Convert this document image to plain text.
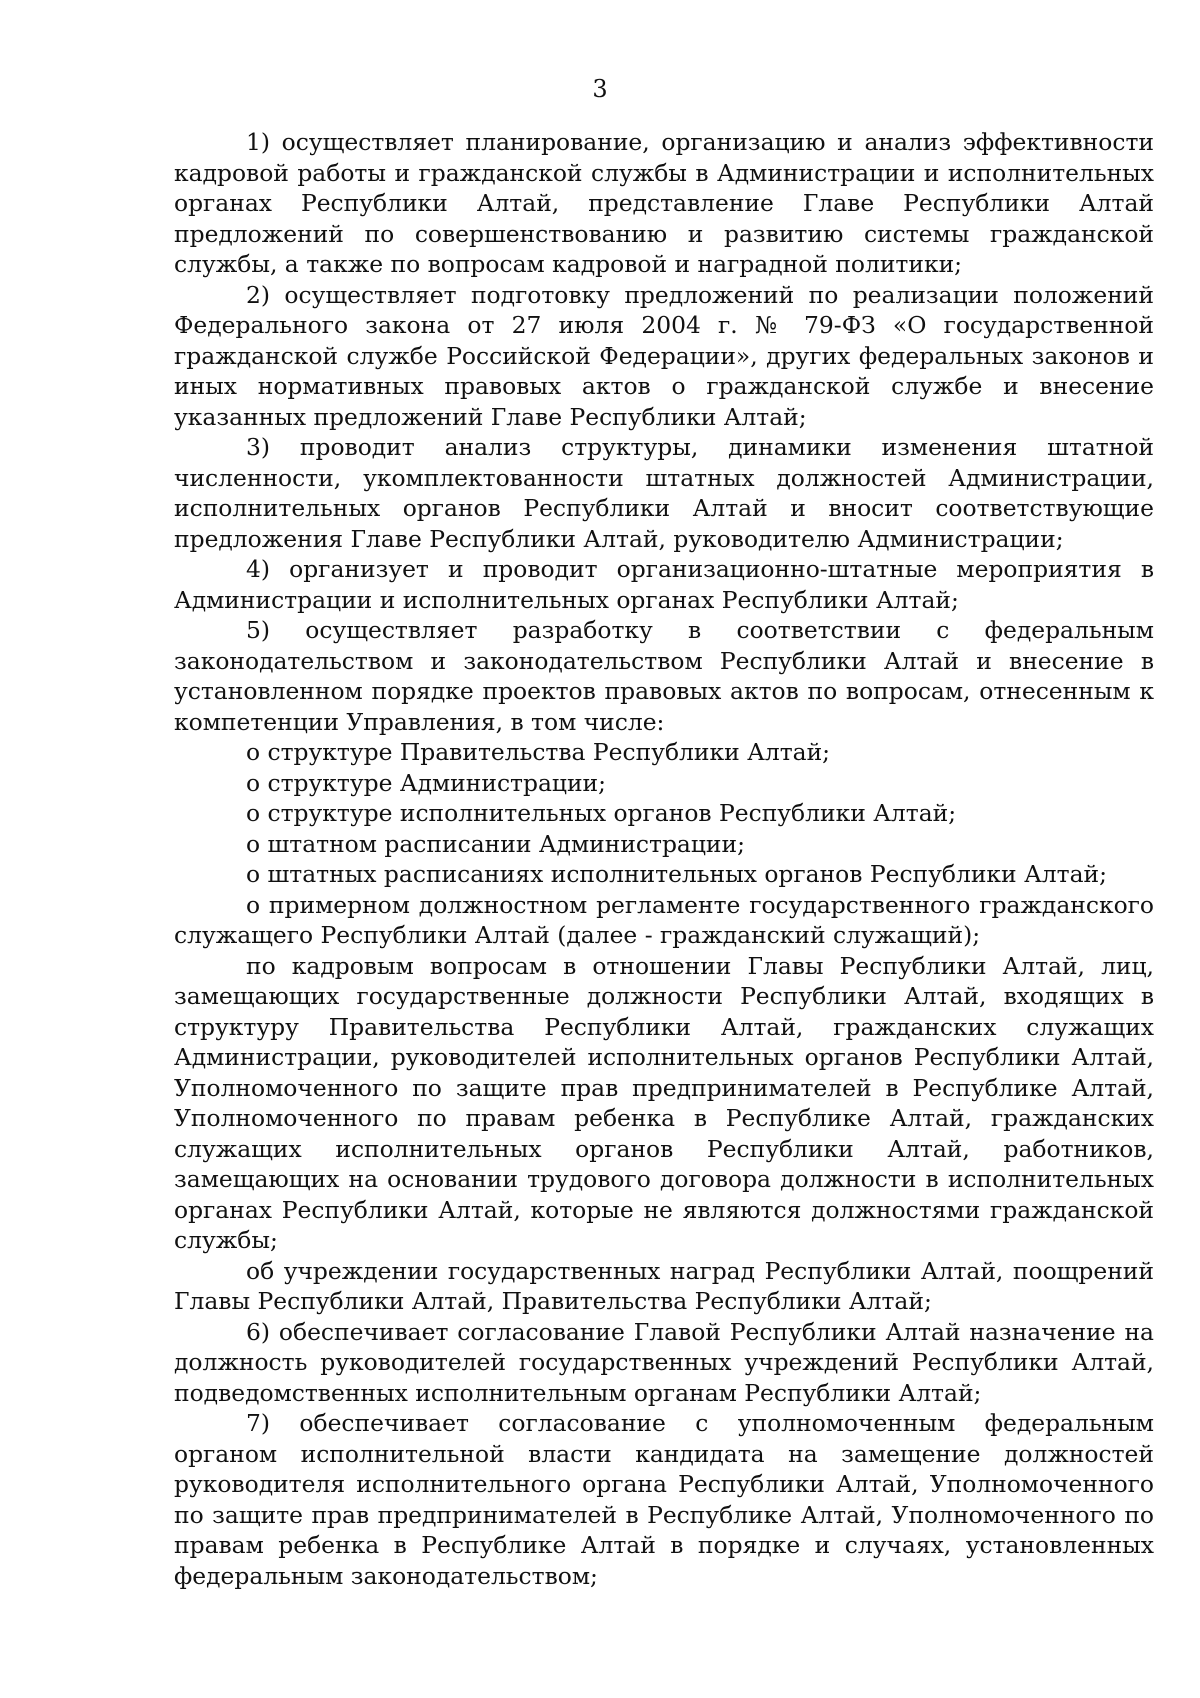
3

1) осуществляет планирование, организацию и анализ эффективности кадровой работы и гражданской службы в Администрации и исполнительных органах Республики Алтай, представление Главе Республики Алтай предложений по совершенствованию и развитию системы гражданской службы, а также по вопросам кадровой и наградной политики;

2) осуществляет подготовку предложений по реализации положений Федерального закона от 27 июля 2004 г. № 79-ФЗ «О государственной гражданской службе Российской Федерации», других федеральных законов и иных нормативных правовых актов о гражданской службе и внесение указанных предложений Главе Республики Алтай;

3) проводит анализ структуры, динамики изменения штатной численности, укомплектованности штатных должностей Администрации, исполнительных органов Республики Алтай и вносит соответствующие предложения Главе Республики Алтай, руководителю Администрации;

4) организует и проводит организационно-штатные мероприятия в Администрации и исполнительных органах Республики Алтай;

5) осуществляет разработку в соответствии с федеральным законодательством и законодательством Республики Алтай и внесение в установленном порядке проектов правовых актов по вопросам, отнесенным к компетенции Управления, в том числе:

о структуре Правительства Республики Алтай;

о структуре Администрации;

о структуре исполнительных органов Республики Алтай;

о штатном расписании Администрации;

о штатных расписаниях исполнительных органов Республики Алтай;

о примерном должностном регламенте государственного гражданского служащего Республики Алтай (далее - гражданский служащий);

по кадровым вопросам в отношении Главы Республики Алтай, лиц, замещающих государственные должности Республики Алтай, входящих в структуру Правительства Республики Алтай, гражданских служащих Администрации, руководителей исполнительных органов Республики Алтай, Уполномоченного по защите прав предпринимателей в Республике Алтай, Уполномоченного по правам ребенка в Республике Алтай, гражданских служащих исполнительных органов Республики Алтай, работников, замещающих на основании трудового договора должности в исполнительных органах Республики Алтай, которые не являются должностями гражданской службы;

об учреждении государственных наград Республики Алтай, поощрений Главы Республики Алтай, Правительства Республики Алтай;

6) обеспечивает согласование Главой Республики Алтай назначение на должность руководителей государственных учреждений Республики Алтай, подведомственных исполнительным органам Республики Алтай;

7) обеспечивает согласование с уполномоченным федеральным органом исполнительной власти кандидата на замещение должностей руководителя исполнительного органа Республики Алтай, Уполномоченного по защите прав предпринимателей в Республике Алтай, Уполномоченного по правам ребенка в Республике Алтай в порядке и случаях, установленных федеральным законодательством;
